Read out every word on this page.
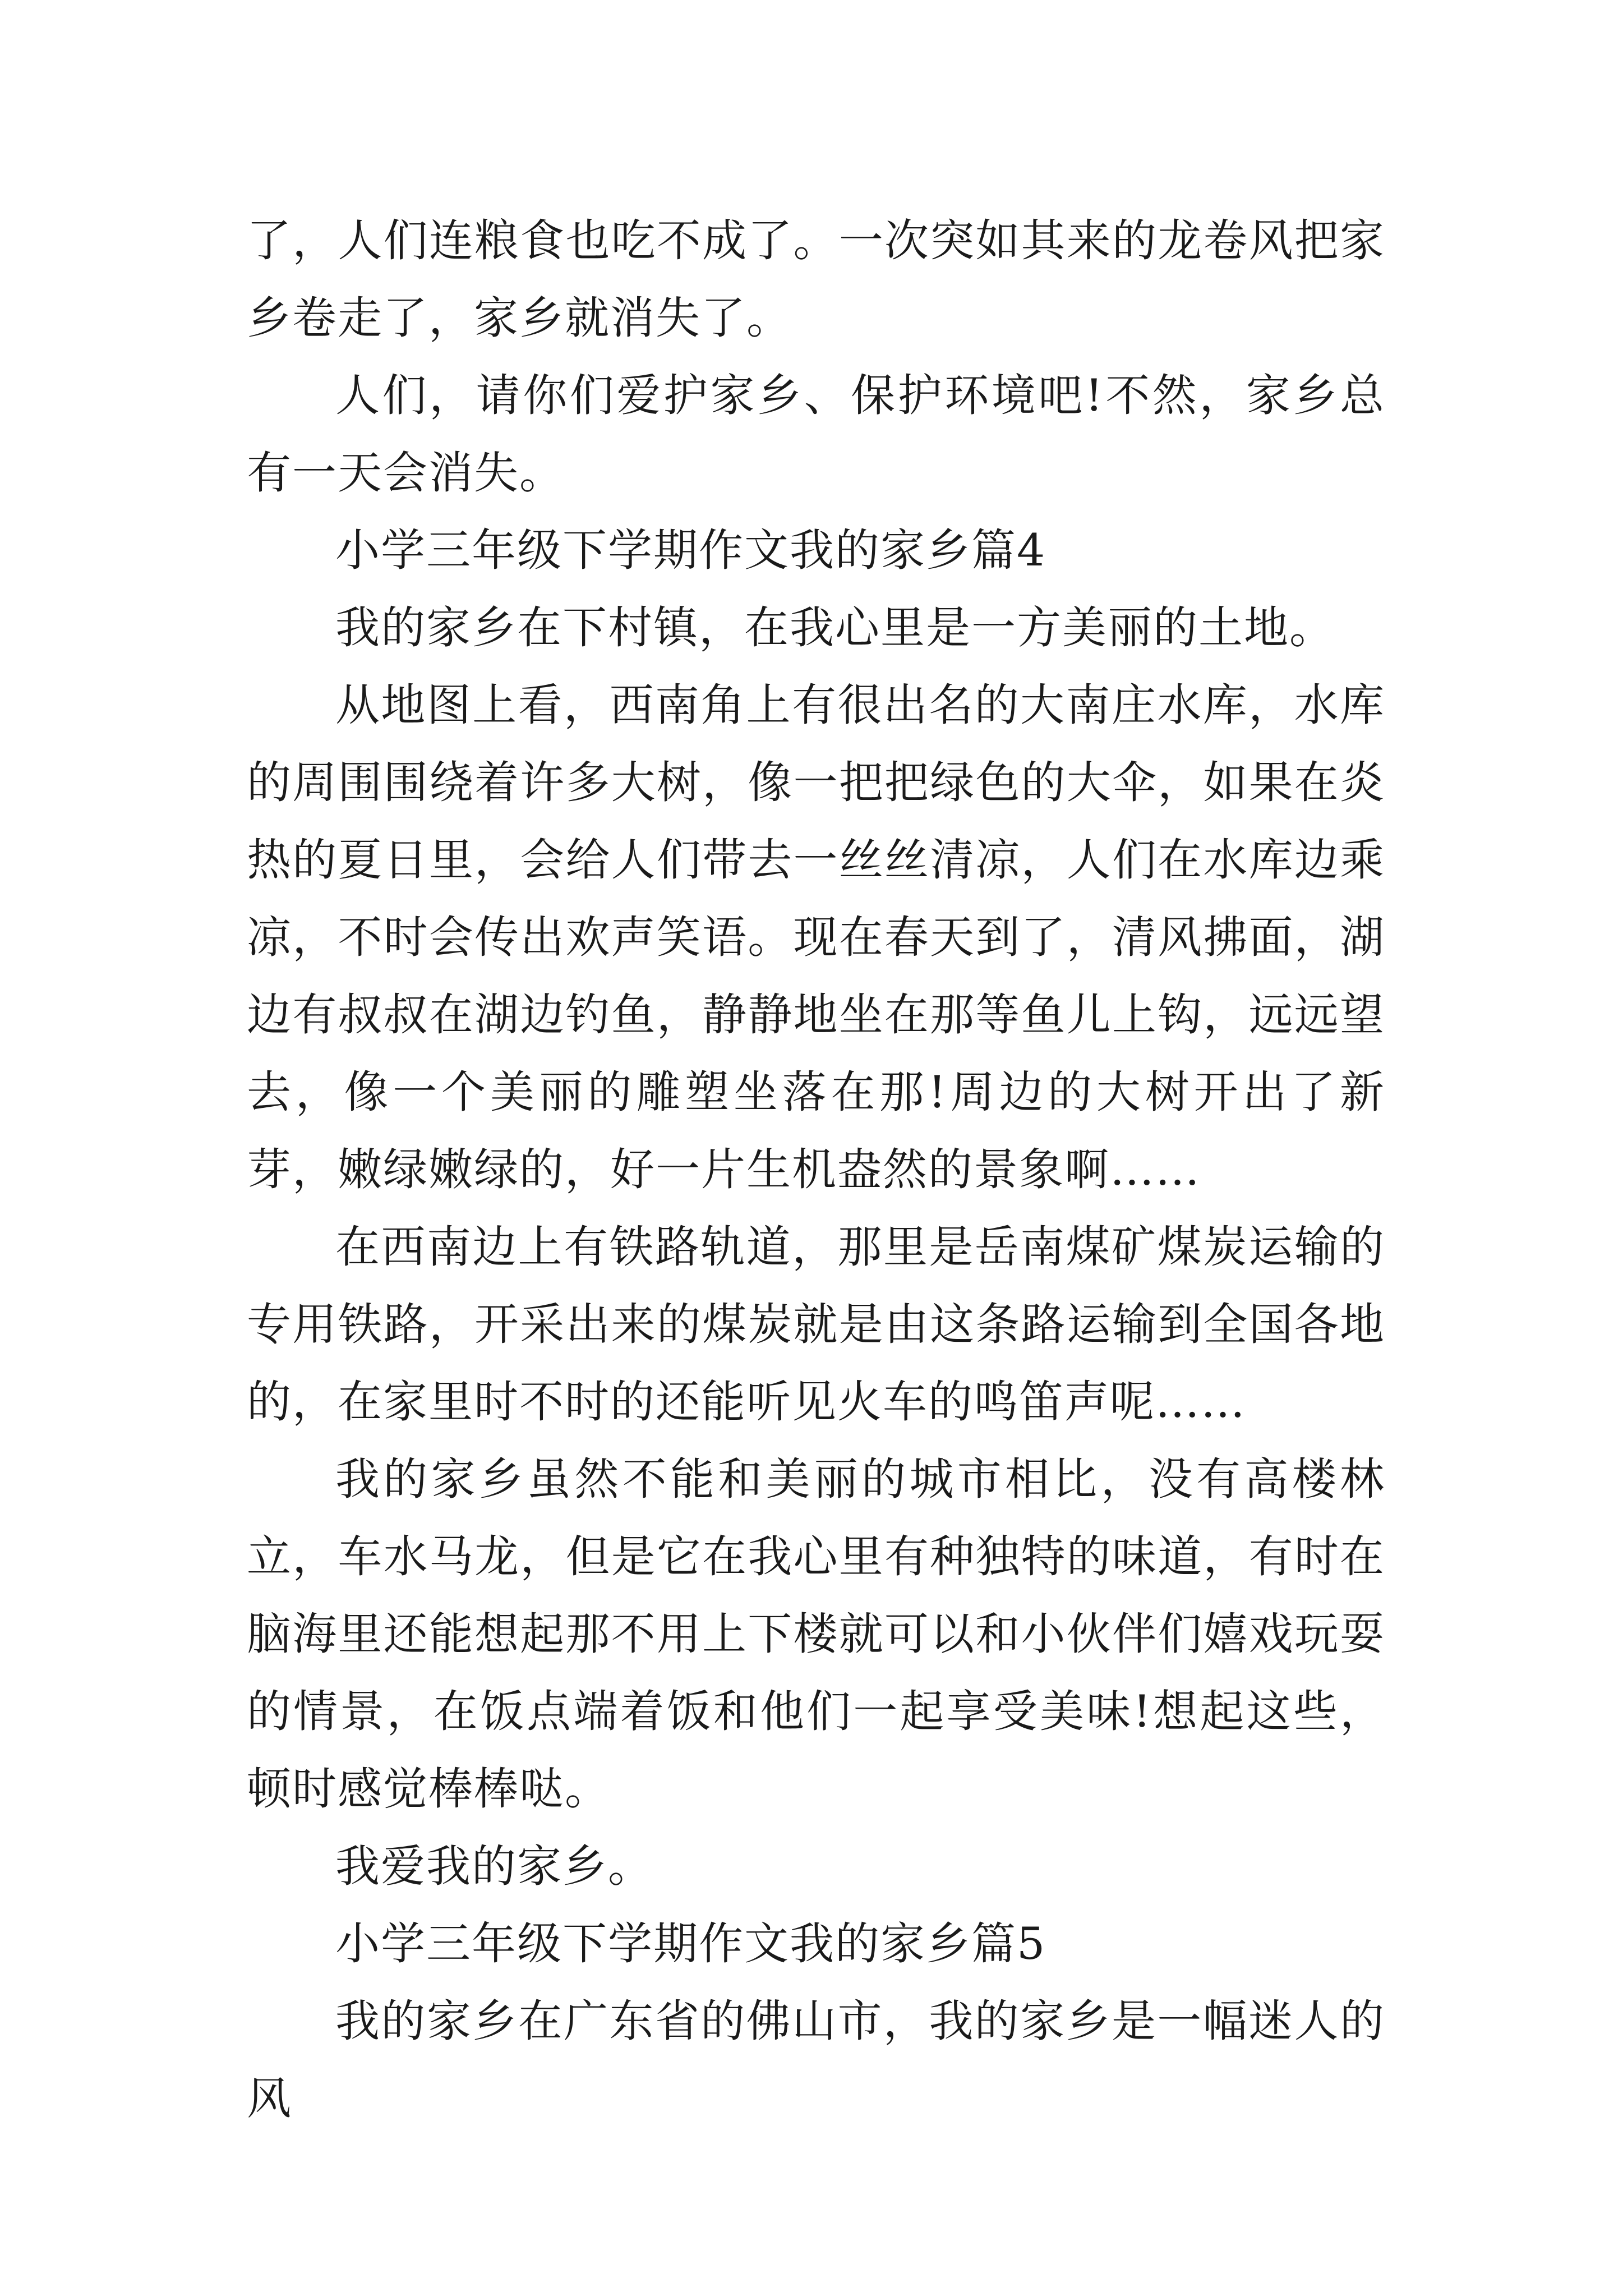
了，人们连粮食也吃不成了。一次突如其来的龙卷风把家乡卷走了，家乡就消失了。

人们，请你们爱护家乡、保护环境吧!不然，家乡总有一天会消失。

小学三年级下学期作文我的家乡篇4

我的家乡在下村镇，在我心里是一方美丽的土地。

从地图上看，西南角上有很出名的大南庄水库，水库的周围围绕着许多大树，像一把把绿色的大伞，如果在炎热的夏日里，会给人们带去一丝丝清凉，人们在水库边乘凉，不时会传出欢声笑语。现在春天到了，清风拂面，湖边有叔叔在湖边钓鱼，静静地坐在那等鱼儿上钩，远远望去，像一个美丽的雕塑坐落在那!周边的大树开出了新芽，嫩绿嫩绿的，好一片生机盎然的景象啊……

在西南边上有铁路轨道，那里是岳南煤矿煤炭运输的专用铁路，开采出来的煤炭就是由这条路运输到全国各地的，在家里时不时的还能听见火车的鸣笛声呢……

我的家乡虽然不能和美丽的城市相比，没有高楼林立，车水马龙，但是它在我心里有种独特的味道，有时在脑海里还能想起那不用上下楼就可以和小伙伴们嬉戏玩耍的情景，在饭点端着饭和他们一起享受美味!想起这些，顿时感觉棒棒哒。

我爱我的家乡。

小学三年级下学期作文我的家乡篇5

我的家乡在广东省的佛山市，我的家乡是一幅迷人的风
